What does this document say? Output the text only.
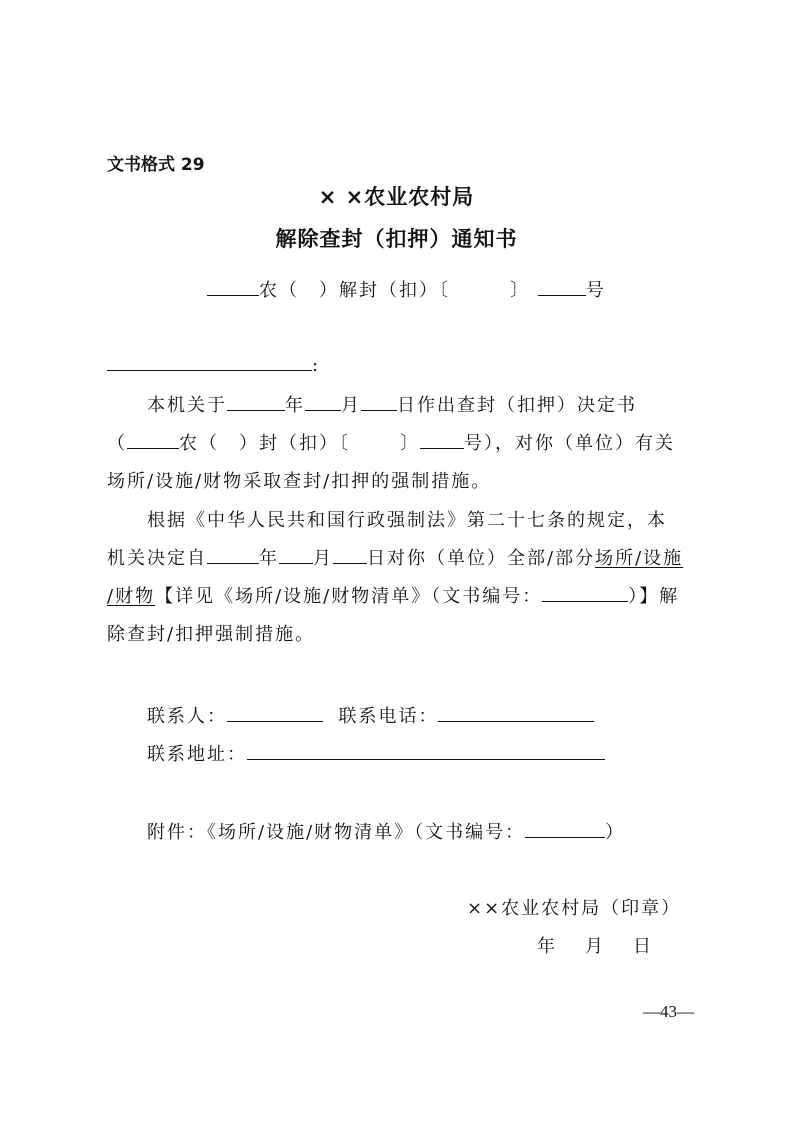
文书格式 29
× ×农业农村局
解除查封（扣押）通知书
农（　）解封（扣）〔	〕	号
:
本机关于	年 月 日作出查封（扣押）决定书
（	农（　）封（扣）〔	〕 号），对你（单位）有关
场所/设施/财物采取查封/扣押的强制措施。
根据《中华人民共和国行政强制法》第二十七条的规定，本
机关决定自	年 月 日对你（单位）全部/部分场所/设施
/财物【详见《场所/设施/财物清单》（文书编号：	）】解
除查封/扣押强制措施。
联系人：	联系电话：
联系地址：
附件：《场所/设施/财物清单》（文书编号：	）
××农业农村局（印章）
年　月　日
—43—
